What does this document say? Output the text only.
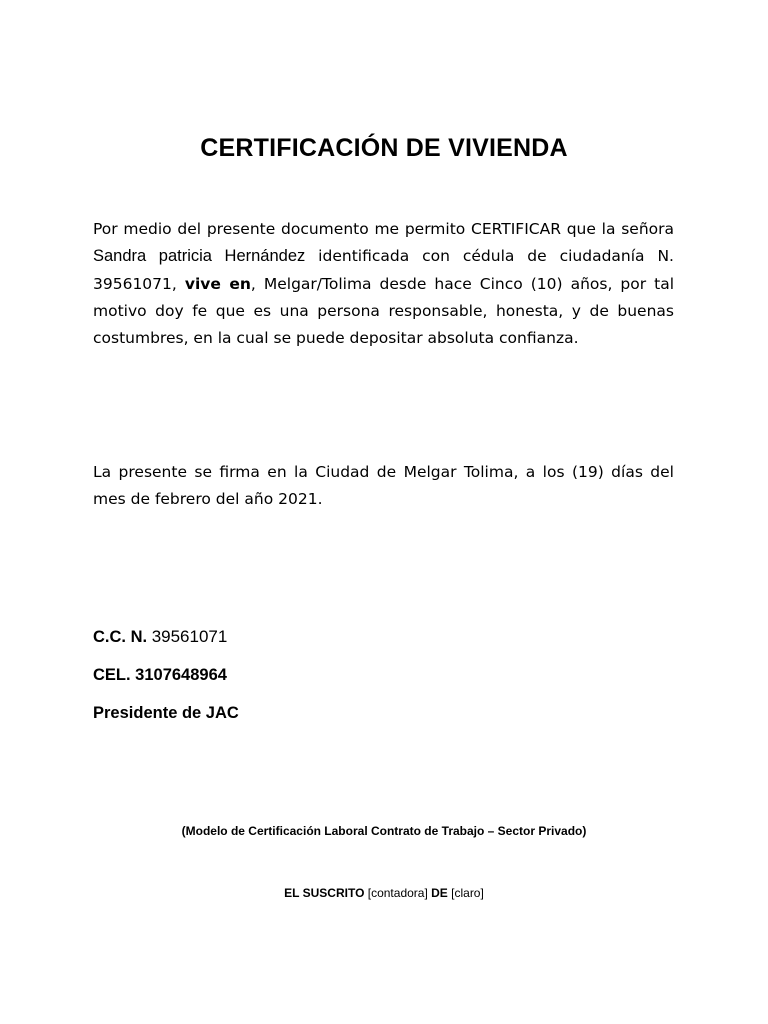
CERTIFICACIÓN DE VIVIENDA

Por medio del presente documento me permito CERTIFICAR que la señora Sandra patricia Hernández identificada con cédula de ciudadanía N. 39561071, vive en, Melgar/Tolima desde hace Cinco (10) años, por tal motivo doy fe que es una persona responsable, honesta, y de buenas costumbres, en la cual se puede depositar absoluta confianza.

La presente se firma en la Ciudad de Melgar Tolima, a los (19) días del mes de febrero del año 2021.

C.C. N. 39561071

CEL. 3107648964

Presidente de JAC

(Modelo de Certificación Laboral Contrato de Trabajo – Sector Privado)

EL SUSCRITO [contadora] DE [claro]
